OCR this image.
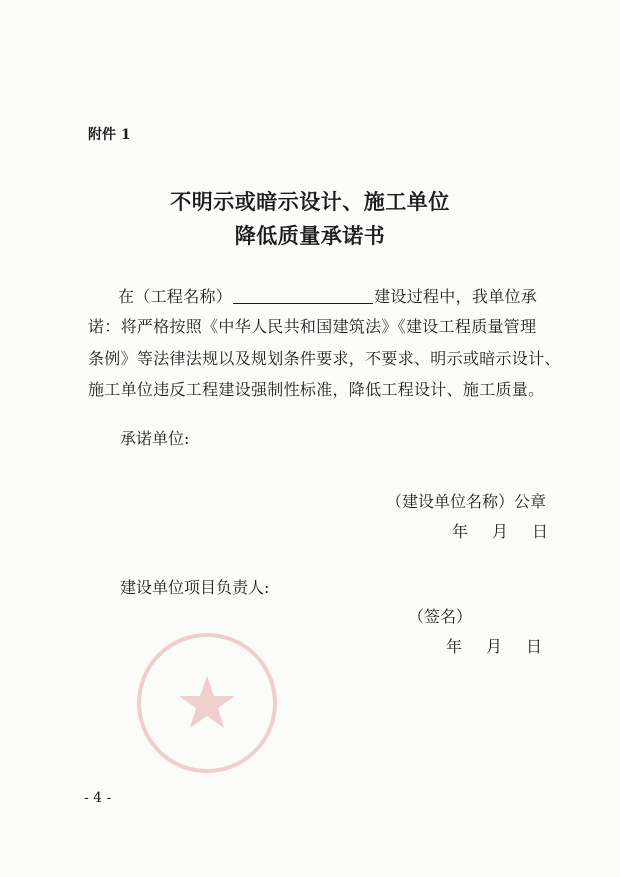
附件 1
不明示或暗示设计、施工单位
降低质量承诺书
在（工程名称）	建设过程中，我单位承
诺：将严格按照《中华人民共和国建筑法》《建设工程质量管理
条例》等法律法规以及规划条件要求，不要求、明示或暗示设计、
施工单位违反工程建设强制性标准，降低工程设计、施工质量。
承诺单位:
（建设单位名称）公章
年 月 日
建设单位项目负责人:
（签名）
年 月 日
- 4 -
